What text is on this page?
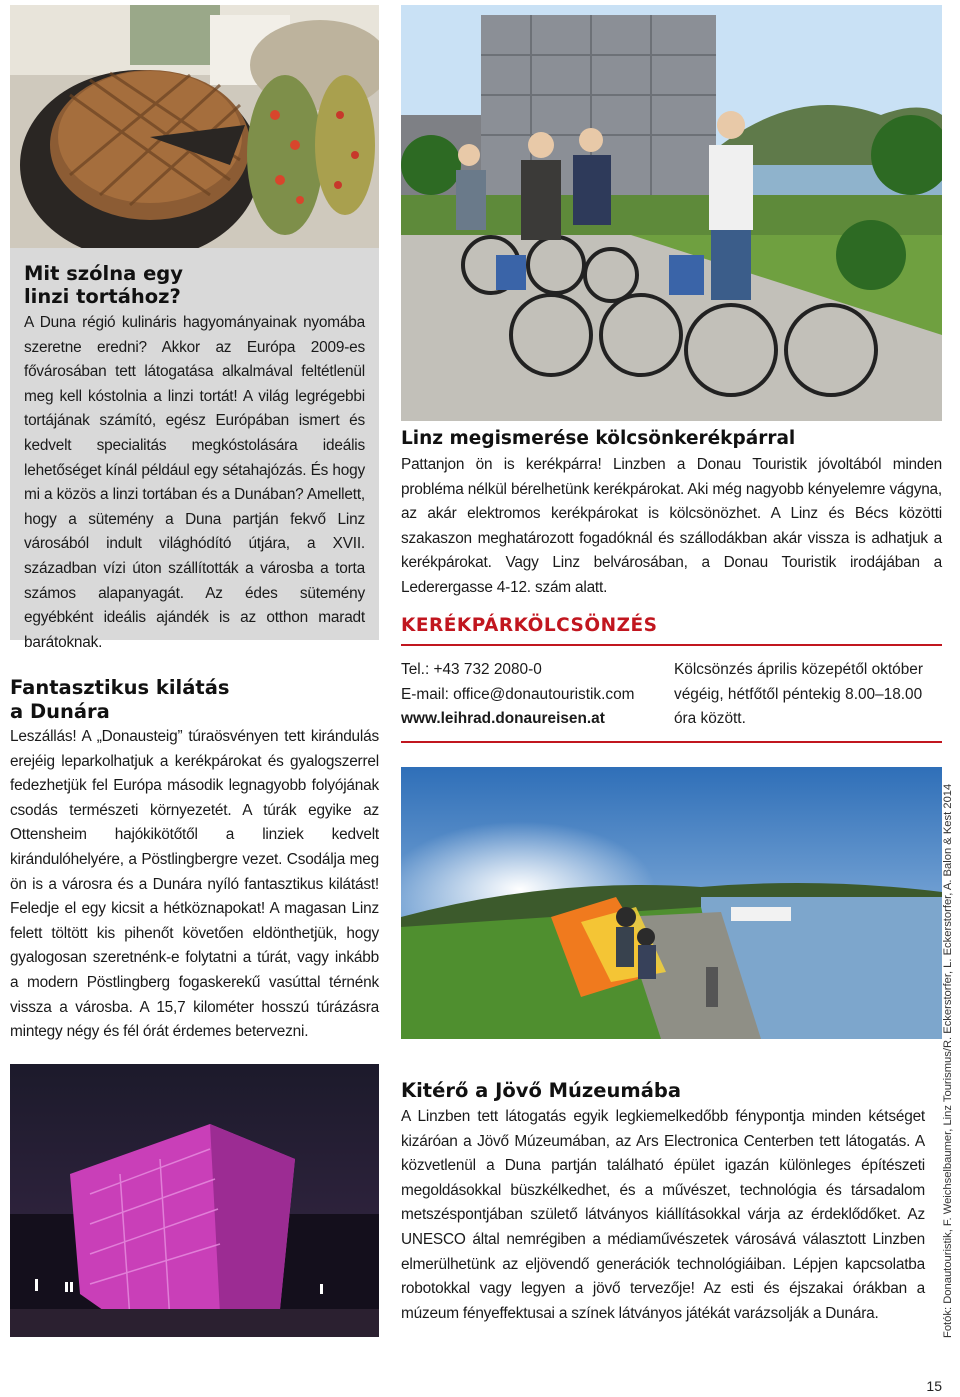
Mit szólna egy
linzi tortához?
A Duna régió kulináris hagyományainak nyomába szeretne eredni? Akkor az Európa 2009-es fővárosában tett látogatása alkalmával feltétlenül meg kell kóstolnia a linzi tortát! A világ legrégebbi tortájának számító, egész Európában ismert és kedvelt specialitás megkóstolására ideális lehetőséget kínál például egy sétahajózás. És hogy mi a közös a linzi tortában és a Dunában? Amellett, hogy a sütemény a Duna partján fekvő Linz városából indult világhódító útjára, a XVII. században vízi úton szállították a városba a torta számos alapanyagát. Az édes sütemény egyébként ideális ajándék is az otthon maradt barátoknak.
Fantasztikus kilátás
a Dunára
Leszállás! A „Donausteig” túraösvényen tett kirándulás erejéig leparkolhatjuk a kerékpárokat és gyalogszerrel fedezhetjük fel Európa második legnagyobb folyójának csodás természeti környezetét. A túrák egyike az Ottensheim hajókikötőtől a linziek kedvelt kirándulóhelyére, a Pöstlingbergre vezet. Csodálja meg ön is a városra és a Dunára nyíló fantasztikus kilátást! Feledje el egy kicsit a hétköznapokat! A magasan Linz felett töltött kis pihenőt követően eldönthetjük, hogy gyalogosan szeretnénk-e folytatni a túrát, vagy inkább a modern Pöstlingberg fogaskerekű vasúttal térnénk vissza a városba. A 15,7 kilométer hosszú túrázásra mintegy négy és fél órát érdemes betervezni.
Linz megismerése kölcsönkerékpárral
Pattanjon ön is kerékpárra! Linzben a Donau Touristik jóvoltából minden probléma nélkül bérelhetünk kerékpárokat. Aki még nagyobb kényelemre vágyna, az akár elektromos kerékpárokat is kölcsönözhet. A Linz és Bécs közötti szakaszon meghatározott fogadóknál és szállodákban akár vissza is adhatjuk a kerékpárokat. Vagy Linz belvárosában, a Donau Touristik irodájában a Lederergasse 4-12. szám alatt.
KERÉKPÁRKÖLCSÖNZÉS
Tel.: +43 732 2080-0
E-mail: office@donautouristik.com
www.leihrad.donaureisen.at
Kölcsönzés április közepétől október végéig, hétfőtől péntekig 8.00–18.00 óra között.
Kitérő a Jövő Múzeumába
A Linzben tett látogatás egyik legkiemelkedőbb fénypontja minden kétséget kizáróan a Jövő Múzeumában, az Ars Electronica Centerben tett látogatás. A közvetlenül a Duna partján található épület igazán különleges építészeti megoldásokkal büszkélkedhet, és a művészet, technológia és társadalom metszéspontjában születő látványos kiállításokkal várja az érdeklődőket. Az UNESCO által nemrégiben a médiaművészetek városává választott Linzben elmerülhetünk az eljövendő generációk technológiáiban. Lépjen kapcsolatba robotokkal vagy legyen a jövő tervezője! Az esti és éjszakai órákban a múzeum fényeffektusai a színek látványos játékát varázsolják a Dunára.	Fotók: Donautouristik, F. Weichselbaumer, Linz Tourismus/R. Eckerstorfer, L. Eckerstorfer, A. Balon & Kest 2014
15
